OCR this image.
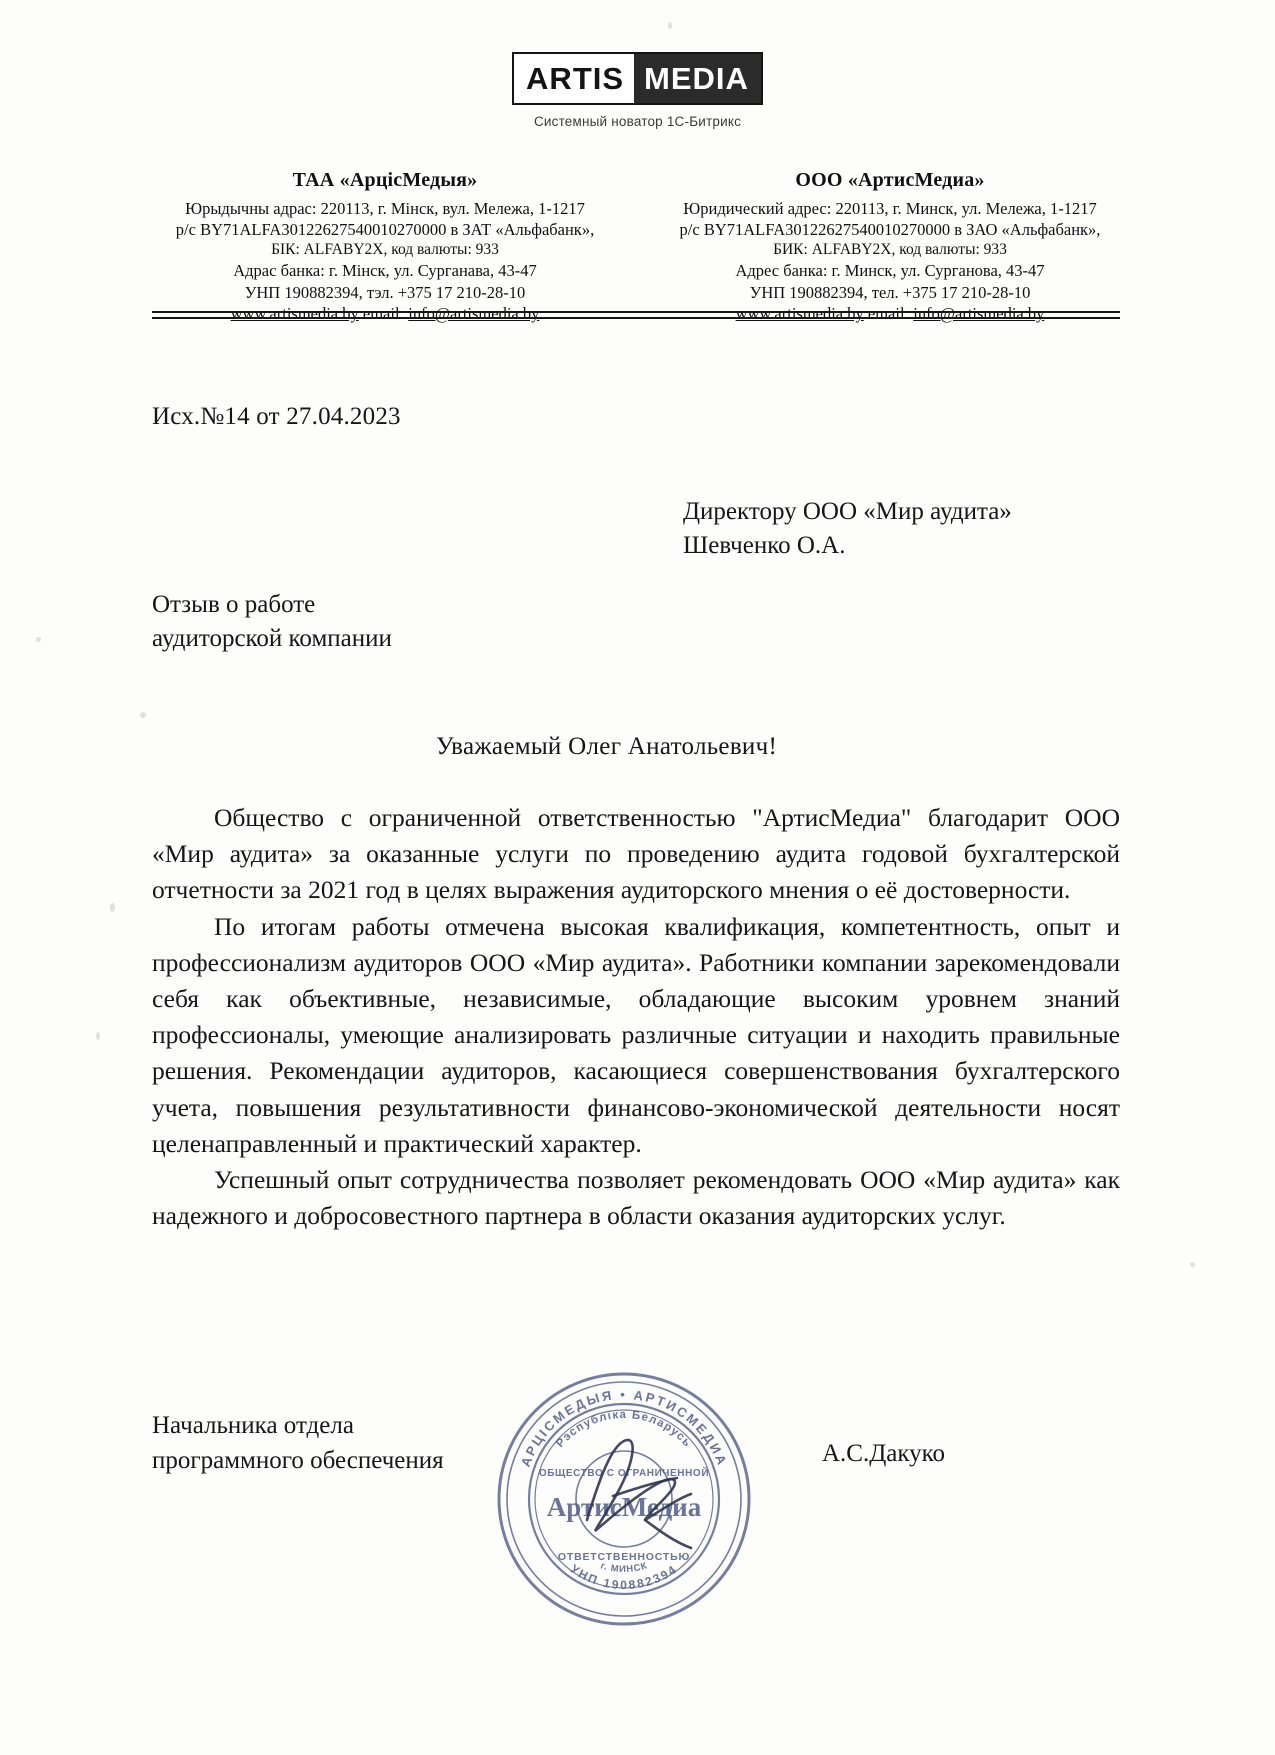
ARTIS MEDIA
Системный новатор 1С-Битрикс
ТАА «АрцісМедыя»
Юрыдычны адрас: 220113, г. Мінск, вул. Мележа, 1-1217
р/с BY71ALFA30122627540010270000 в ЗАТ «Альфабанк»,
БІК: ALFABY2X, код валюты: 933
Адрас банка: г. Мінск, ул. Сурганава, 43-47
УНП 190882394, тэл. +375 17 210-28-10
www.artismedia.by email: info@artismedia.by
ООО «АртисМедиа»
Юридический адрес: 220113, г. Минск, ул. Мележа, 1-1217
р/с BY71ALFA30122627540010270000 в ЗАО «Альфабанк»,
БИК: ALFABY2X, код валюты: 933
Адрес банка: г. Минск, ул. Сурганова, 43-47
УНП 190882394, тел. +375 17 210-28-10
www.artismedia.by email: info@artismedia.by
Исх.№14 от 27.04.2023
Директору ООО «Мир аудита»
Шевченко О.А.
Отзыв о работе
аудиторской компании
Уважаемый Олег Анатольевич!

Общество с ограниченной ответственностью "АртисМедиа" благодарит ООО «Мир аудита» за оказанные услуги по проведению аудита годовой бухгалтерской отчетности за 2021 год в целях выражения аудиторского мнения о её достоверности.

По итогам работы отмечена высокая квалификация, компетентность, опыт и профессионализм аудиторов ООО «Мир аудита». Работники компании зарекомендовали себя как объективные, независимые, обладающие высоким уровнем знаний профессионалы, умеющие анализировать различные ситуации и находить правильные решения. Рекомендации аудиторов, касающиеся совершенствования бухгалтерского учета, повышения результативности финансово-экономической деятельности носят целенаправленный и практический характер.

Успешный опыт сотрудничества позволяет рекомендовать ООО «Мир аудита» как надежного и добросовестного партнера в области оказания аудиторских услуг.

Начальника отдела
программного обеспечения	А.С.Дакуко
АРЦІСМЕДЫЯ • АРТИСМЕДИА
УНП 190882394
Рэспубліка Беларусь
г. МИНСК
ОБЩЕСТВО С ОГРАНИЧЕННОЙ
ОТВЕТСТВЕННОСТЬЮ
АртисМедиа
